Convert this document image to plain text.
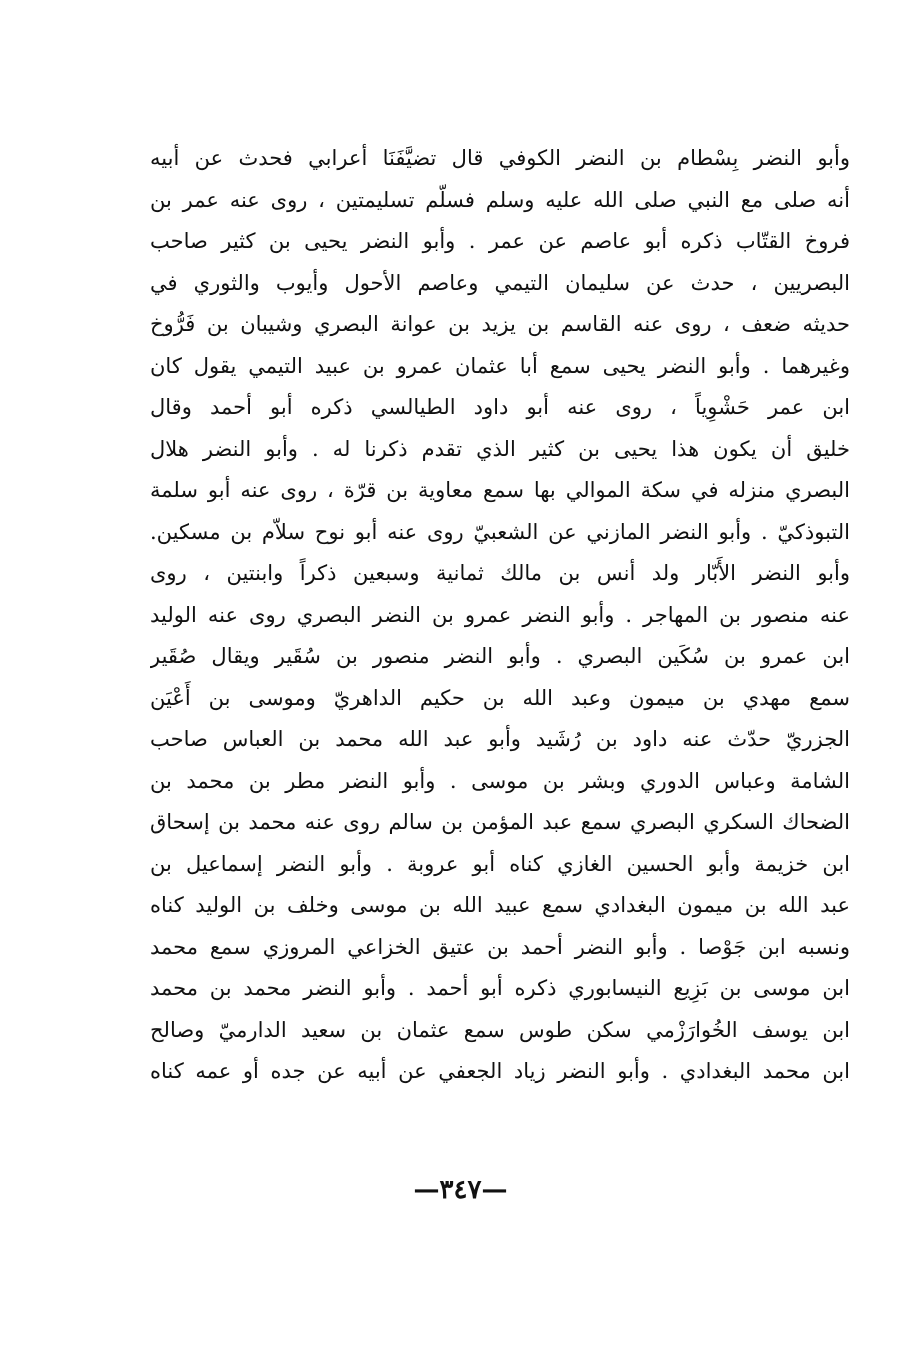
وأبو النضر بِسْطام بن النضر الكوفي قال تضيَّفَنَا أعرابي فحدث عن أبيه
أنه صلى مع النبي صلى الله عليه وسلم فسلّم تسليمتين ، روى عنه عمر بن
فروخ القتّاب ذكره أبو عاصم عن عمر . وأبو النضر يحيى بن كثير صاحب
البصريين ، حدث عن سليمان التيمي وعاصم الأحول وأيوب والثوري في
حديثه ضعف ، روى عنه القاسم بن يزيد بن عوانة البصري وشيبان بن فَرُّوخ
وغيرهما . وأبو النضر يحيى سمع أبا عثمان عمرو بن عبيد التيمي يقول كان
ابن عمر حَشْوِياً ، روى عنه أبو داود الطيالسي ذكره أبو أحمد وقال
خليق أن يكون هذا يحيى بن كثير الذي تقدم ذكرنا له . وأبو النضر هلال
البصري منزله في سكة الموالي بها سمع معاوية بن قرّة ، روى عنه أبو سلمة
التبوذكيّ . وأبو النضر المازني عن الشعبيّ روى عنه أبو نوح سلاّم بن مسكين.
وأبو النضر الأَبّار ولد أنس بن مالك ثمانية وسبعين ذكراً وابنتين ، روى
عنه منصور بن المهاجر . وأبو النضر عمرو بن النضر البصري روى عنه الوليد
ابن عمرو بن سُكَين البصري . وأبو النضر منصور بن سُقَير ويقال صُقَير
سمع مهدي بن ميمون وعبد الله بن حكيم الداهريّ وموسى بن أَعْيَن
الجزريّ حدّث عنه داود بن رُشَيد وأبو عبد الله محمد بن العباس صاحب
الشامة وعباس الدوري وبشر بن موسى . وأبو النضر مطر بن محمد بن
الضحاك السكري البصري سمع عبد المؤمن بن سالم روى عنه محمد بن إسحاق
ابن خزيمة وأبو الحسين الغازي كناه أبو عروبة . وأبو النضر إسماعيل بن
عبد الله بن ميمون البغدادي سمع عبيد الله بن موسى وخلف بن الوليد كناه
ونسبه ابن جَوْصا . وأبو النضر أحمد بن عتيق الخزاعي المروزي سمع محمد
ابن موسى بن بَزِيع النيسابوري ذكره أبو أحمد . وأبو النضر محمد بن محمد
ابن يوسف الخُوارَزْمي سكن طوس سمع عثمان بن سعيد الدارميّ وصالح
ابن محمد البغدادي . وأبو النضر زياد الجعفي عن أبيه عن جده أو عمه كناه
—٣٤٧—
